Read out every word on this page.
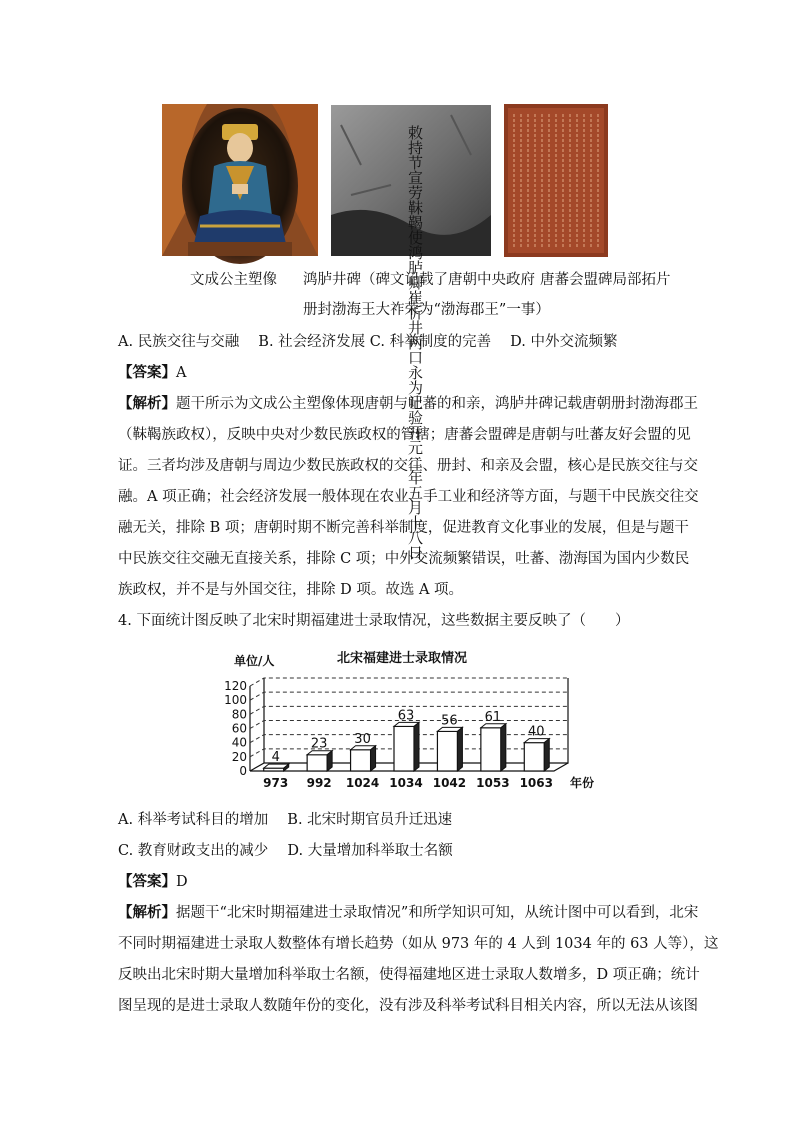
敕持节宣劳靺鞨使鸿胪卿崔忻井两口永为记验开元二年五月十八日
文成公主塑像 鸿胪井碑（碑文记载了唐朝中央政府 唐蕃会盟碑局部拓片
册封渤海王大祚荣为“渤海郡王”一事）
A. 民族交往与交融　 B. 社会经济发展 C. 科举制度的完善　 D. 中外交流频繁
【答案】A
【解析】题干所示为文成公主塑像体现唐朝与吐蕃的和亲，鸿胪井碑记载唐朝册封渤海郡王
（靺鞨族政权），反映中央对少数民族政权的管辖；唐蕃会盟碑是唐朝与吐蕃友好会盟的见
证。三者均涉及唐朝与周边少数民族政权的交往、册封、和亲及会盟，核心是民族交往与交
融。A 项正确；社会经济发展一般体现在农业、手工业和经济等方面，与题干中民族交往交
融无关，排除 B 项；唐朝时期不断完善科举制度，促进教育文化事业的发展，但是与题干
中民族交往交融无直接关系，排除 C 项；中外交流频繁错误，吐蕃、渤海国为国内少数民
族政权，并不是与外国交往，排除 D 项。故选 A 项。
4. 下面统计图反映了北宋时期福建进士录取情况，这些数据主要反映了（　　）
北宋福建进士录取情况
单位/人
年份
0
20
40
60
80
100
120
4
23 30
63 56 61
40
973 992 1024 1034 1042 1053 1063
A. 科举考试科目的增加　 B. 北宋时期官员升迁迅速
C. 教育财政支出的减少　 D. 大量增加科举取士名额
【答案】D
【解析】据题干“北宋时期福建进士录取情况”和所学知识可知，从统计图中可以看到，北宋
不同时期福建进士录取人数整体有增长趋势（如从 973 年的 4 人到 1034 年的 63 人等），这
反映出北宋时期大量增加科举取士名额，使得福建地区进士录取人数增多，D 项正确；统计
图呈现的是进士录取人数随年份的变化，没有涉及科举考试科目相关内容，所以无法从该图
